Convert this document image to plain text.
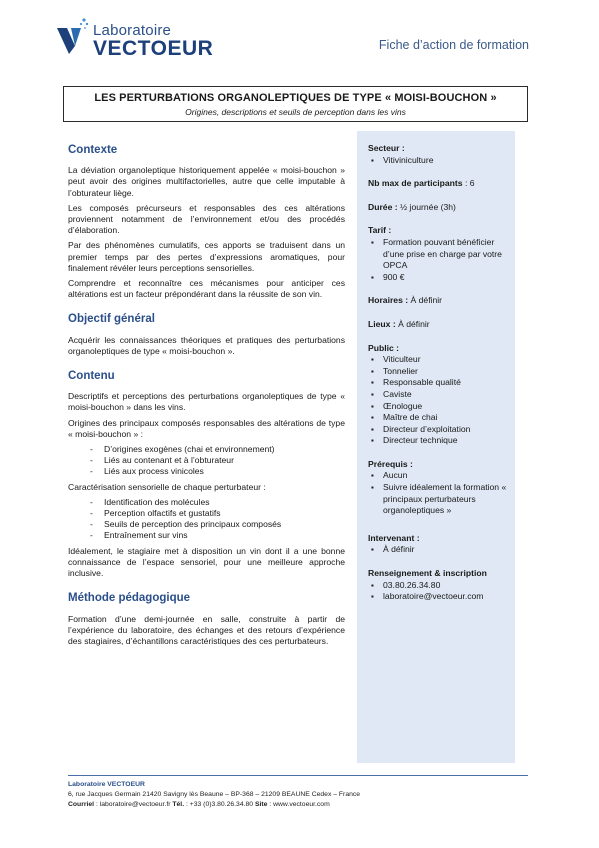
Laboratoire
VECTOEUR	Fiche d’action de formation
LES PERTURBATIONS ORGANOLEPTIQUES DE TYPE « MOISI-BOUCHON »
Origines, descriptions et seuils de perception dans les vins
Contexte

La déviation organoleptique historiquement appelée « moisi-bouchon » peut avoir des origines multifactorielles, autre que celle imputable à l’obturateur liège.

Les composés précurseurs et responsables des ces altérations proviennent notamment de l’environnement et/ou des procédés d’élaboration.

Par des phénomènes cumulatifs, ces apports se traduisent dans un premier temps par des pertes d’expressions aromatiques, pour finalement révéler leurs perceptions sensorielles.

Comprendre et reconnaître ces mécanismes pour anticiper ces altérations est un facteur prépondérant dans la réussite de son vin.

Objectif général

Acquérir les connaissances théoriques et pratiques des perturbations organoleptiques de type « moisi-bouchon ».

Contenu

Descriptifs et perceptions des perturbations organoleptiques de type « moisi-bouchon » dans les vins.

Origines des principaux composés responsables des altérations de type « moisi-bouchon » :

- D’origines exogènes (chai et environnement)
- Liés au contenant et à l’obturateur
- Liés aux process vinicoles

Caractérisation sensorielle de chaque perturbateur :

- Identification des molécules
- Perception olfactifs et gustatifs
- Seuils de perception des principaux composés
- Entraînement sur vins

Idéalement, le stagiaire met à disposition un vin dont il a une bonne connaissance de l’espace sensoriel, pour une meilleure approche inclusive.

Méthode pédagogique

Formation d’une demi-journée en salle, construite à partir de l’expérience du laboratoire, des échanges et des retours d’expérience des stagiaires, d’échantillons caractéristiques des ces perturbateurs.

Secteur :
▪ Vitiviniculture
Nb max de participants : 6
Durée : ½ journée (3h)
Tarif :
▪ Formation pouvant bénéficier d’une prise en charge par votre OPCA
▪ 900 €
Horaires : À définir
Lieux : À définir
Public :
▪ Viticulteur
▪ Tonnelier
▪ Responsable qualité
▪ Caviste
▪ Œnologue
▪ Maître de chai
▪ Directeur d’exploitation
▪ Directeur technique
Prérequis :
▪ Aucun
▪ Suivre idéalement la formation « principaux perturbateurs organoleptiques »
Intervenant :
▪ À définir
Renseignement & inscription
▪ 03.80.26.34.80
▪ laboratoire@vectoeur.com
Laboratoire VECTOEUR
6, rue Jacques Germain 21420 Savigny lès Beaune – BP-368 – 21209 BEAUNE Cedex – France
Courriel : laboratoire@vectoeur.fr Tél. : +33 (0)3.80.26.34.80 Site : www.vectoeur.com
